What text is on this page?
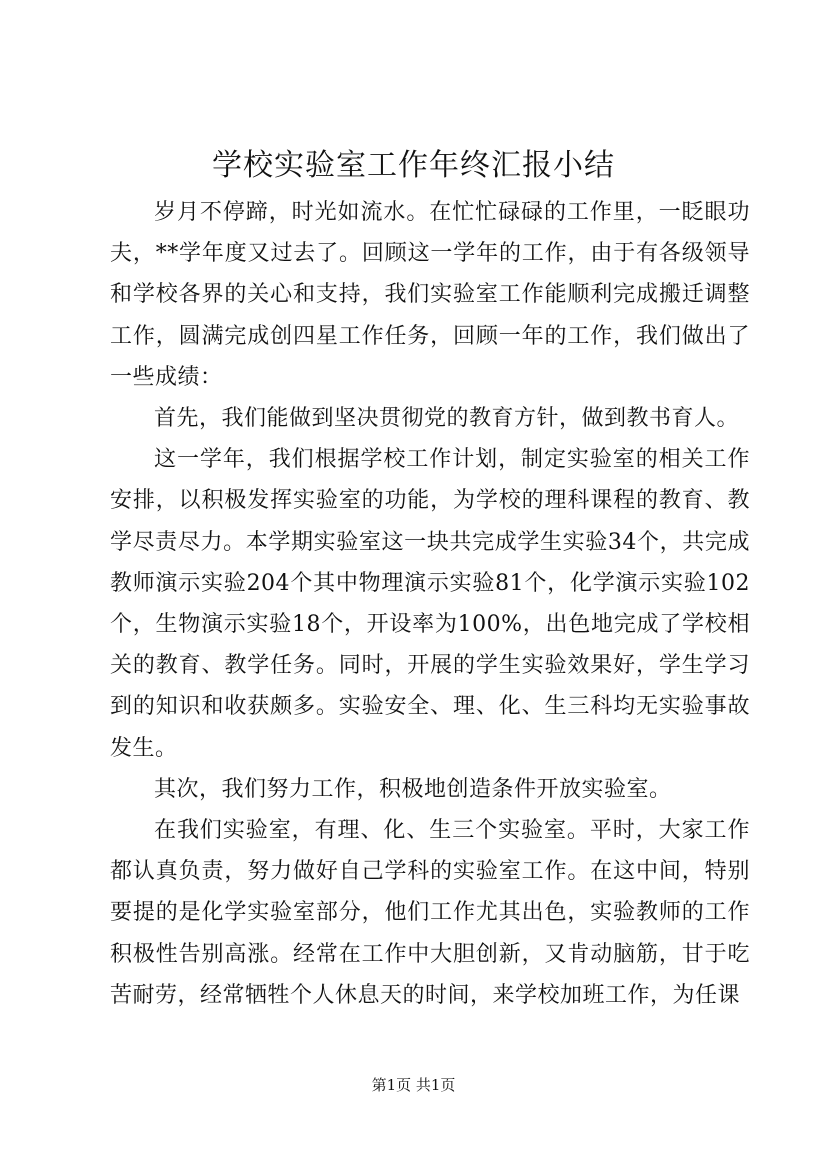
学校实验室工作年终汇报小结

岁月不停蹄，时光如流水。在忙忙碌碌的工作里，一眨眼功夫，**学年度又过去了。回顾这一学年的工作，由于有各级领导和学校各界的关心和支持，我们实验室工作能顺利完成搬迁调整工作，圆满完成创四星工作任务，回顾一年的工作，我们做出了一些成绩：

首先，我们能做到坚决贯彻党的教育方针，做到教书育人。

这一学年，我们根据学校工作计划，制定实验室的相关工作安排，以积极发挥实验室的功能，为学校的理科课程的教育、教学尽责尽力。本学期实验室这一块共完成学生实验34个，共完成教师演示实验204个其中物理演示实验81个，化学演示实验102个，生物演示实验18个，开设率为100%，出色地完成了学校相关的教育、教学任务。同时，开展的学生实验效果好，学生学习到的知识和收获颇多。实验安全、理、化、生三科均无实验事故发生。

其次，我们努力工作，积极地创造条件开放实验室。

在我们实验室，有理、化、生三个实验室。平时，大家工作都认真负责，努力做好自己学科的实验室工作。在这中间，特别要提的是化学实验室部分，他们工作尤其出色，实验教师的工作积极性告别高涨。经常在工作中大胆创新，又肯动脑筋，甘于吃苦耐劳，经常牺牲个人休息天的时间，来学校加班工作，为任课

第1页 共1页
